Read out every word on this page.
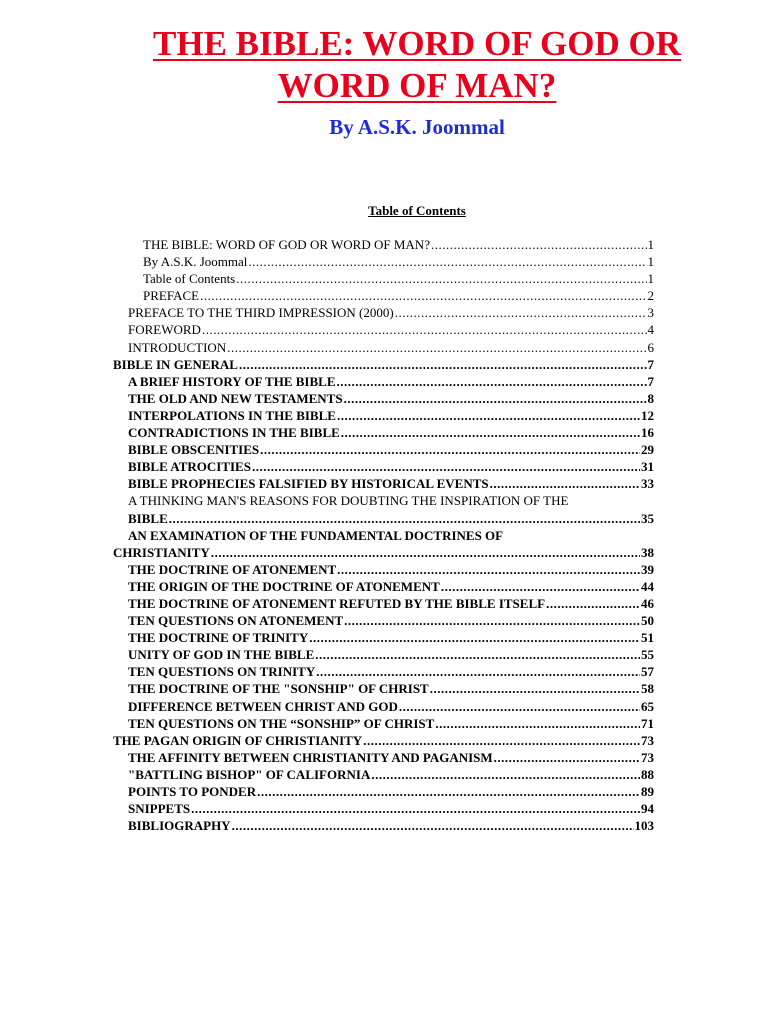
THE BIBLE: WORD OF GOD OR WORD OF MAN?
By A.S.K. Joommal
Table of Contents
THE BIBLE: WORD OF GOD OR WORD OF MAN? .....	1
By A.S.K. Joommal .....	1
Table of Contents .....	1
PREFACE .....	2
PREFACE TO THE THIRD IMPRESSION (2000) .....	3
FOREWORD .....	4
INTRODUCTION .....	6
BIBLE IN GENERAL .....	7
A BRIEF HISTORY OF THE BIBLE .....	7
THE OLD AND NEW TESTAMENTS .....	8
INTERPOLATIONS IN THE BIBLE .....	12
CONTRADICTIONS IN THE BIBLE .....	16
BIBLE OBSCENITIES .....	29
BIBLE ATROCITIES .....	31
BIBLE PROPHECIES FALSIFIED BY HISTORICAL EVENTS .....	33
A THINKING MAN'S REASONS FOR DOUBTING THE INSPIRATION OF THE
BIBLE .....	35
AN EXAMINATION OF THE FUNDAMENTAL DOCTRINES OF
CHRISTIANITY .....	38
THE DOCTRINE OF ATONEMENT .....	39
THE ORIGIN OF THE DOCTRINE OF ATONEMENT .....	44
THE DOCTRINE OF ATONEMENT REFUTED BY THE BIBLE ITSELF .....	46
TEN QUESTIONS ON ATONEMENT .....	50
THE DOCTRINE OF TRINITY .....	51
UNITY OF GOD IN THE BIBLE .....	55
TEN QUESTIONS ON TRINITY .....	57
THE DOCTRINE OF THE "SONSHIP" OF CHRIST .....	58
DIFFERENCE BETWEEN CHRIST AND GOD .....	65
TEN QUESTIONS ON THE “SONSHIP” OF CHRIST .....	71
THE PAGAN ORIGIN OF CHRISTIANITY .....	73
THE AFFINITY BETWEEN CHRISTIANITY AND PAGANISM .....	73
"BATTLING BISHOP" OF CALIFORNIA .....	88
POINTS TO PONDER .....	89
SNIPPETS .....	94
BIBLIOGRAPHY .....	103
